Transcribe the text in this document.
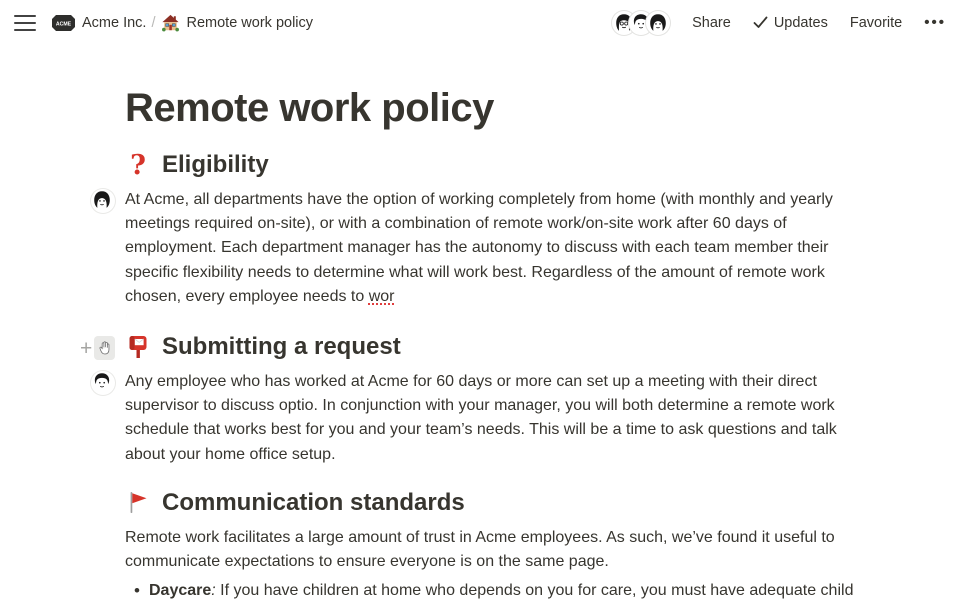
ACME Acme Inc. / Remote work policy	Share	Updates Favorite •••
Remote work policy
? Eligibility

At Acme, all departments have the option of working completely from home (with monthly and yearly meetings required on-site), or with a combination of remote work/on-site work after 60 days of employment. Each department manager has the autonomy to discuss with each team member their specific flexibility needs to determine what will work best. Regardless of the amount of remote work chosen, every employee needs to wor

+	Submitting a request

Any employee who has worked at Acme for 60 days or more can set up a meeting with their direct supervisor to discuss optio. In conjunction with your manager, you will both determine a remote work schedule that works best for you and your team’s needs. This will be a time to ask questions and talk about your home office setup.

Communication standards

Remote work facilitates a large amount of trust in Acme employees. As such, we’ve found it useful to communicate expectations to ensure everyone is on the same page.

•
Daycare: If you have children at home who depends on you for care, you must have adequate child
